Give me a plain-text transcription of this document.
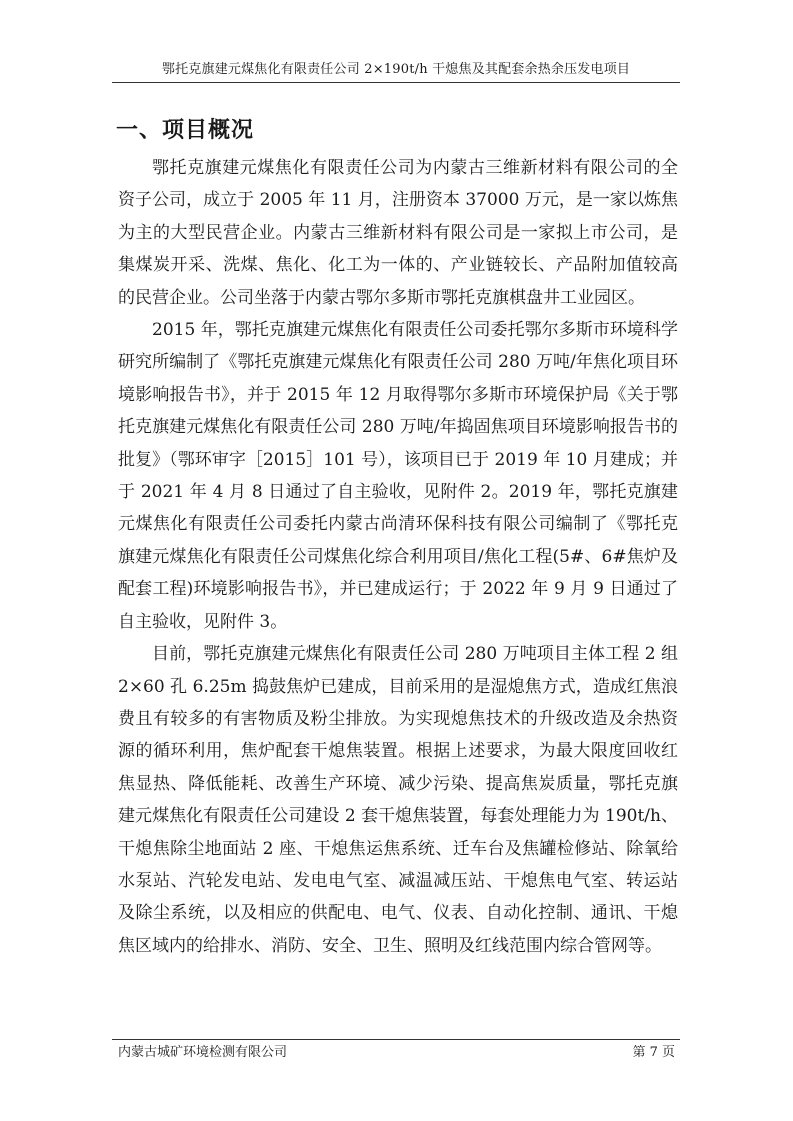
鄂托克旗建元煤焦化有限责任公司 2×190t/h 干熄焦及其配套余热余压发电项目
一、项目概况

鄂托克旗建元煤焦化有限责任公司为内蒙古三维新材料有限公司的全资子公司，成立于 2005 年 11 月，注册资本 37000 万元，是一家以炼焦为主的大型民营企业。内蒙古三维新材料有限公司是一家拟上市公司，是集煤炭开采、洗煤、焦化、化工为一体的、产业链较长、产品附加值较高的民营企业。公司坐落于内蒙古鄂尔多斯市鄂托克旗棋盘井工业园区。

2015 年，鄂托克旗建元煤焦化有限责任公司委托鄂尔多斯市环境科学研究所编制了《鄂托克旗建元煤焦化有限责任公司 280 万吨/年焦化项目环境影响报告书》，并于 2015 年 12 月取得鄂尔多斯市环境保护局《关于鄂托克旗建元煤焦化有限责任公司 280 万吨/年捣固焦项目环境影响报告书的批复》（鄂环审字［2015］101 号），该项目已于 2019 年 10 月建成；并于 2021 年 4 月 8 日通过了自主验收，见附件 2。2019 年，鄂托克旗建元煤焦化有限责任公司委托内蒙古尚清环保科技有限公司编制了《鄂托克旗建元煤焦化有限责任公司煤焦化综合利用项目/焦化工程(5#、6#焦炉及配套工程)环境影响报告书》，并已建成运行；于 2022 年 9 月 9 日通过了自主验收，见附件 3。

目前，鄂托克旗建元煤焦化有限责任公司 280 万吨项目主体工程 2 组 2×60 孔 6.25m 捣鼓焦炉已建成，目前采用的是湿熄焦方式，造成红焦浪费且有较多的有害物质及粉尘排放。为实现熄焦技术的升级改造及余热资源的循环利用，焦炉配套干熄焦装置。根据上述要求，为最大限度回收红焦显热、降低能耗、改善生产环境、减少污染、提高焦炭质量，鄂托克旗建元煤焦化有限责任公司建设 2 套干熄焦装置，每套处理能力为 190t/h、干熄焦除尘地面站 2 座、干熄焦运焦系统、迁车台及焦罐检修站、除氧给水泵站、汽轮发电站、发电电气室、减温减压站、干熄焦电气室、转运站及除尘系统，以及相应的供配电、电气、仪表、自动化控制、通讯、干熄焦区域内的给排水、消防、安全、卫生、照明及红线范围内综合管网等。

内蒙古城矿环境检测有限公司	第 7 页
